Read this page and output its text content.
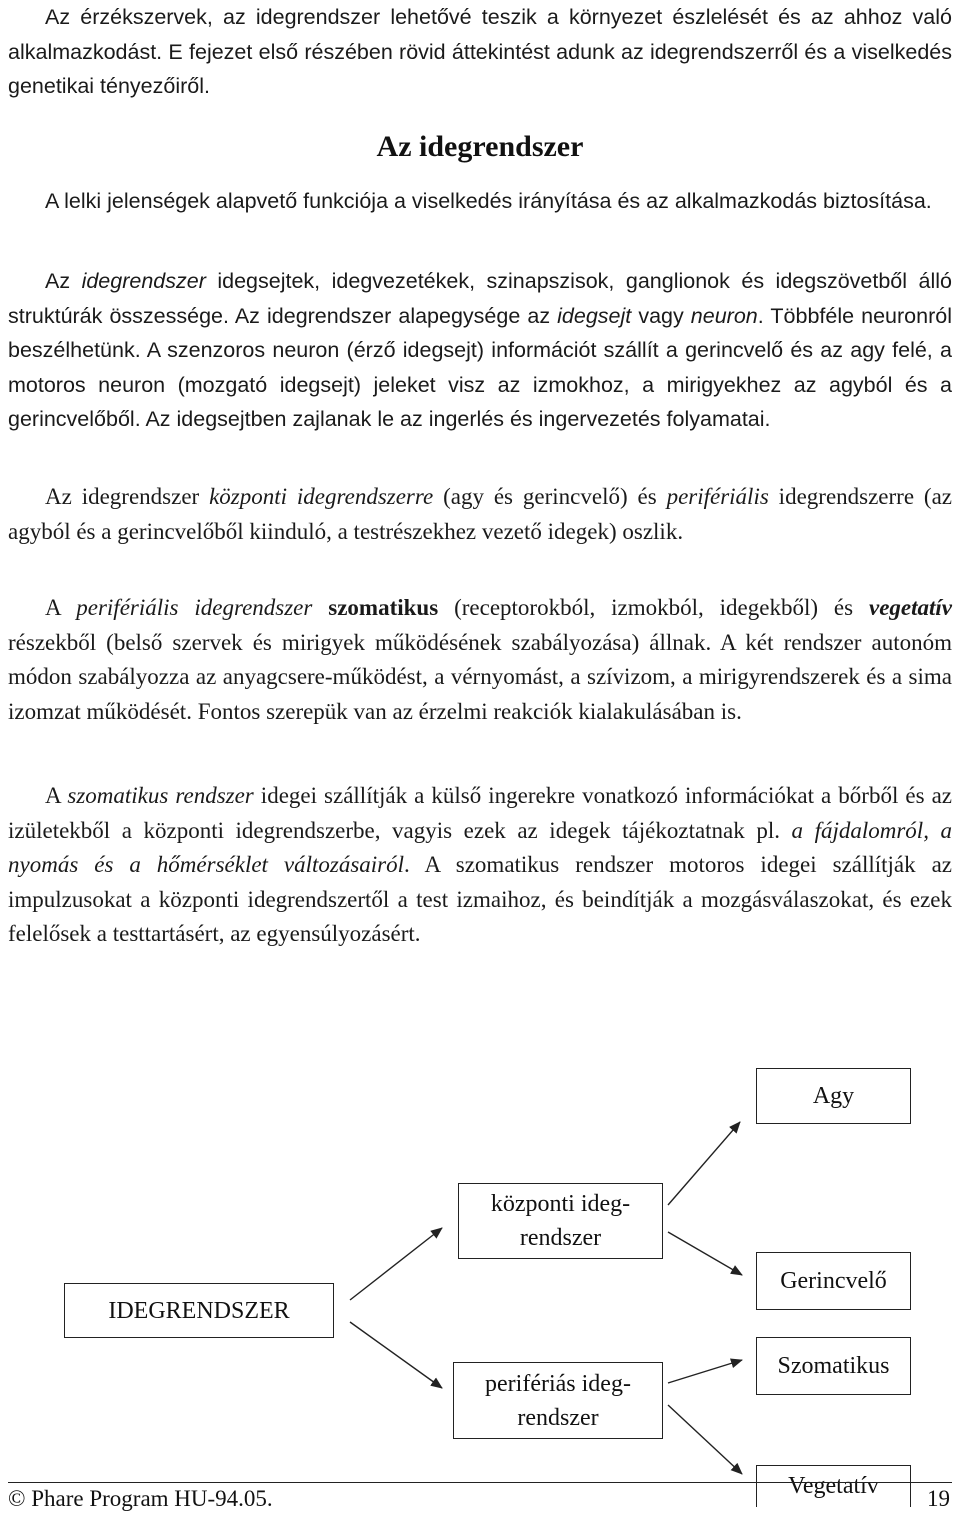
Az érzékszervek, az idegrendszer lehetővé teszik a környezet észlelését és az ahhoz való alkalmazkodást. E fejezet első részében rövid áttekintést adunk az idegrendszerről és a viselkedés genetikai tényezőiről.

Az idegrendszer

A lelki jelenségek alapvető funkciója a viselkedés irányítása és az alkalmazkodás biztosítása.

Az idegrendszer idegsejtek, idegvezetékek, szinapszisok, ganglionok és idegszövetből álló struktúrák összessége. Az idegrendszer alapegysége az idegsejt vagy neuron. Többféle neuronról beszélhetünk. A szenzoros neuron (érző idegsejt) információt szállít a gerincvelő és az agy felé, a motoros neuron (mozgató idegsejt) jeleket visz az izmokhoz, a mirigyekhez az agyból és a gerincvelőből. Az idegsejtben zajlanak le az ingerlés és ingervezetés folyamatai.

Az idegrendszer központi idegrendszerre (agy és gerincvelő) és perifériális idegrendszerre (az agyból és a gerincvelőből kiinduló, a testrészekhez vezető idegek) oszlik.

A perifériális idegrendszer szomatikus (receptorokból, izmokból, idegekből) és vegetatív részekből (belső szervek és mirigyek működésének szabályozása) állnak. A két rendszer autonóm módon szabályozza az anyagcsere-működést, a vérnyomást, a szívizom, a mirigyrendszerek és a sima izomzat működését. Fontos szerepük van az érzelmi reakciók kialakulásában is.

A szomatikus rendszer idegei szállítják a külső ingerekre vonatkozó információkat a bőrből és az izületekből a központi idegrendszerbe, vagyis ezek az idegek tájékoztatnak pl. a fájdalomról, a nyomás és a hőmérséklet változásairól. A szomatikus rendszer motoros idegei szállítják az impulzusokat a központi idegrendszertől a test izmaihoz, és beindítják a mozgásválaszokat, és ezek felelősek a testtartásért, az egyensúlyozásért.

IDEGRENDSZER
központi ideg-
rendszer
perifériás ideg-
rendszer
Agy
Gerincvelő
Szomatikus
Vegetatív
© Phare Program HU-94.05.	19
